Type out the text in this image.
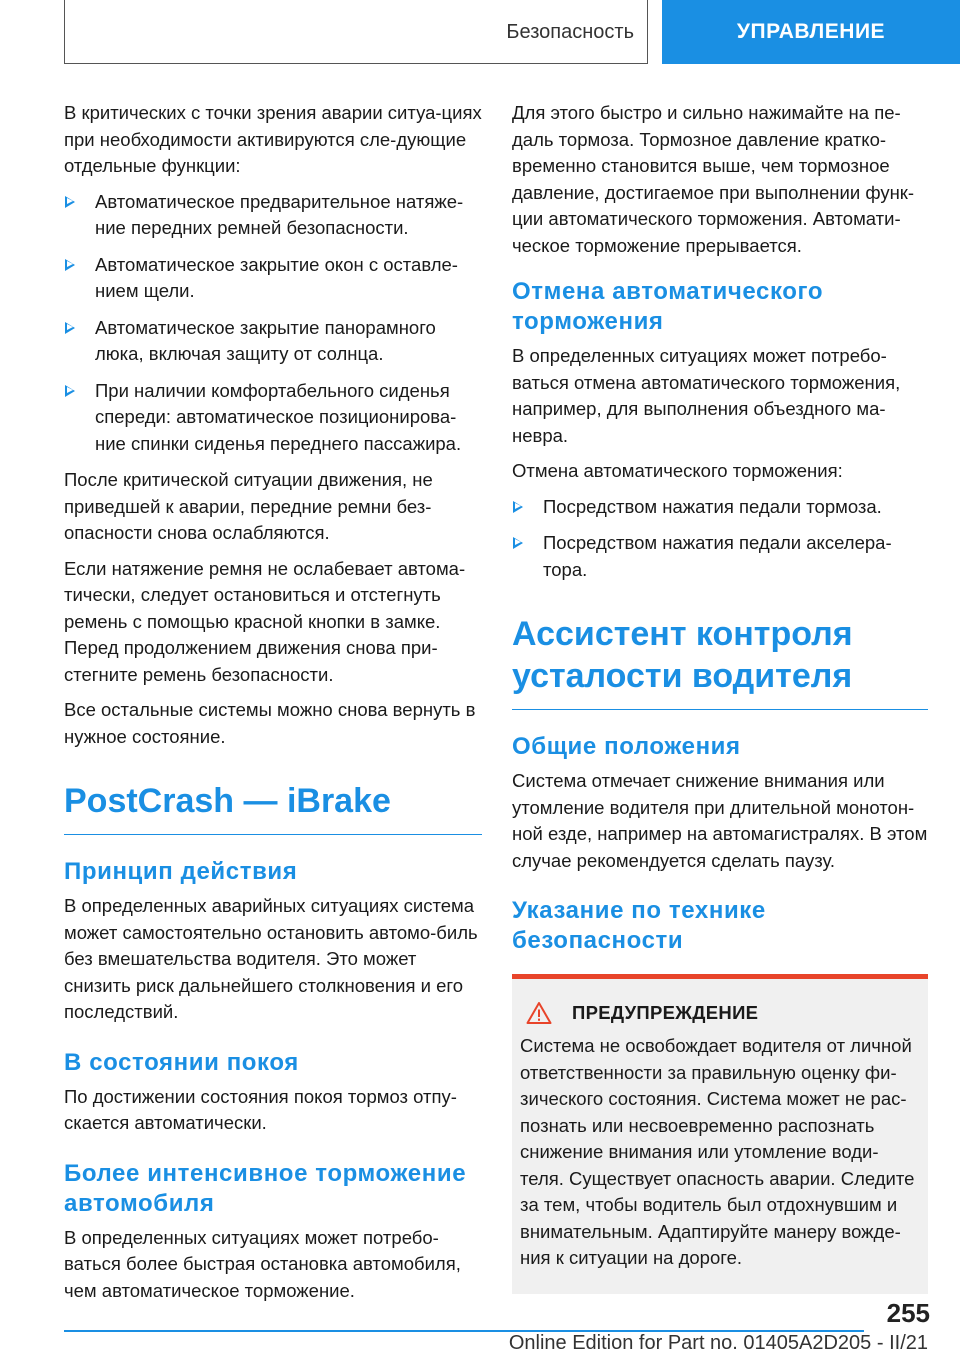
Безопасность	УПРАВЛЕНИЕ

В критических с точки зрения аварии ситуа-циях при необходимости активируются сле-дующие отдельные функции:

Автоматическое предварительное натяже-ние передних ремней безопасности.
Автоматическое закрытие окон с оставле-нием щели.
Автоматическое закрытие панорамного люка, включая защиту от солнца.
При наличии комфортабельного сиденья спереди: автоматическое позиционирова-ние спинки сиденья переднего пассажира.

После критической ситуации движения, не приведшей к аварии, передние ремни без-опасности снова ослабляются.

Если натяжение ремня не ослабевает автома-тически, следует остановиться и отстегнуть ремень с помощью красной кнопки в замке. Перед продолжением движения снова при-стегните ремень безопасности.

Все остальные системы можно снова вернуть в нужное состояние.

PostCrash — iBrake
Принцип действия

В определенных аварийных ситуациях система может самостоятельно остановить автомо-биль без вмешательства водителя. Это может снизить риск дальнейшего столкновения и его последствий.

В состоянии покоя

По достижении состояния покоя тормоз отпу-скается автоматически.

Более интенсивное торможение автомобиля

В определенных ситуациях может потребо-ваться более быстрая остановка автомобиля, чем автоматическое торможение.

Для этого быстро и сильно нажимайте на пе-даль тормоза. Тормозное давление кратко-временно становится выше, чем тормозное давление, достигаемое при выполнении функ-ции автоматического торможения. Автомати-ческое торможение прерывается.

Отмена автоматического торможения

В определенных ситуациях может потребо-ваться отмена автоматического торможения, например, для выполнения объездного ма-невра.

Отмена автоматического торможения:

Посредством нажатия педали тормоза.
Посредством нажатия педали акселера-тора.
Ассистент контроля усталости водителя
Общие положения

Система отмечает снижение внимания или утомление водителя при длительной монотон-ной езде, например на автомагистралях. В этом случае рекомендуется сделать паузу.

Указание по технике безопасности
ПРЕДУПРЕЖДЕНИЕ

Система не освобождает водителя от личной ответственности за правильную оценку фи-зического состояния. Система может не рас-познать или несвоевременно распознать снижение внимания или утомление води-теля. Существует опасность аварии. Следите за тем, чтобы водитель был отдохнувшим и внимательным. Адаптируйте манеру вожде-ния к ситуации на дороге.

255
Online Edition for Part no. 01405A2D205 - II/21
